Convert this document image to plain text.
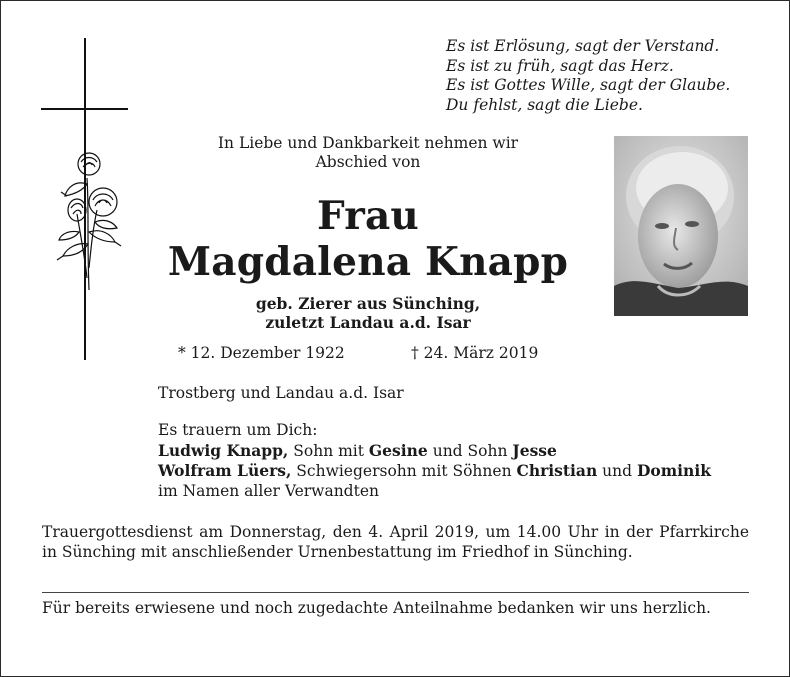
Es ist Erlösung, sagt der Verstand.
Es ist zu früh, sagt das Herz.
Es ist Gottes Wille, sagt der Glaube.
Du fehlst, sagt die Liebe.
In Liebe und Dankbarkeit nehmen wir
Abschied von
Frau
Magdalena Knapp
geb. Zierer aus Sünching,
zuletzt Landau a.d. Isar
* 12. Dezember 1922	† 24. März 2019
Trostberg und Landau a.d. Isar
Es trauern um Dich:
Ludwig Knapp, Sohn mit Gesine und Sohn Jesse
Wolfram Lüers, Schwiegersohn mit Söhnen Christian und Dominik
im Namen aller Verwandten
Trauergottesdienst am Donnerstag, den 4. April 2019, um 14.00 Uhr in der Pfarrkirche in Sünching mit anschließender Urnenbestattung im Friedhof in Sünching.
Für bereits erwiesene und noch zugedachte Anteilnahme bedanken wir uns herzlich.
